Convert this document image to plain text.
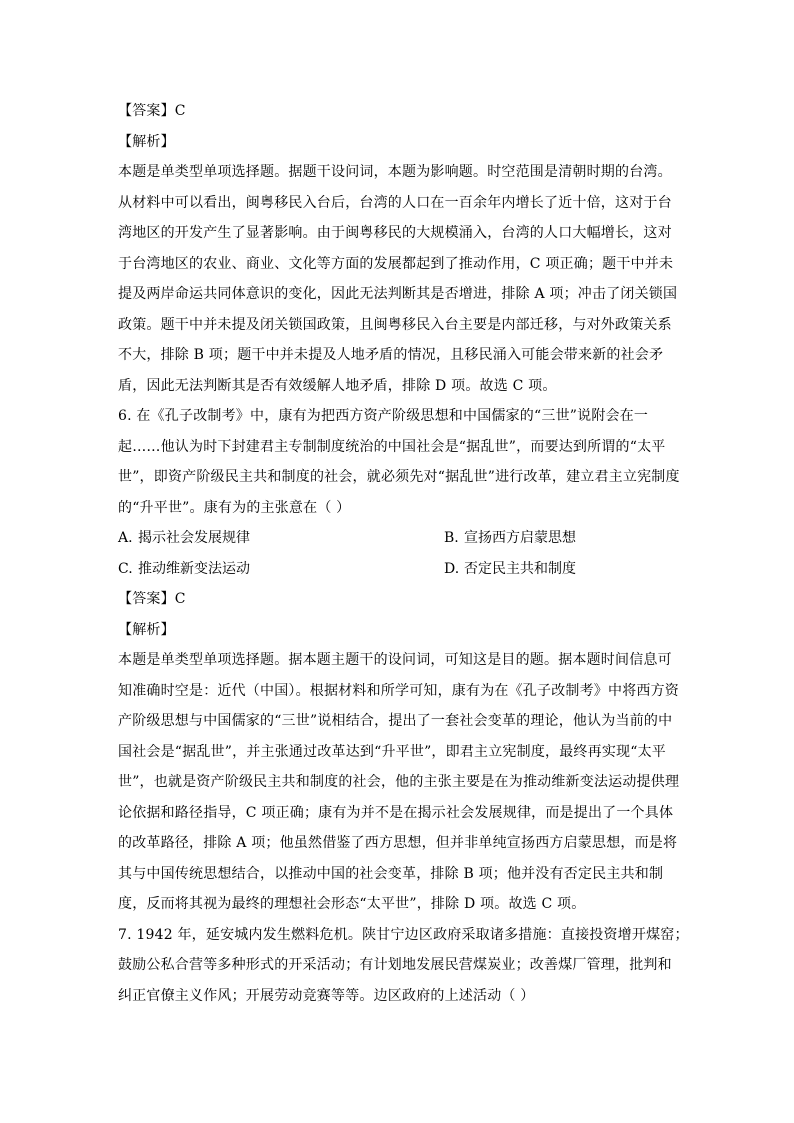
【答案】C
【解析】
本题是单类型单项选择题。据题干设问词，本题为影响题。时空范围是清朝时期的台湾。
从材料中可以看出，闽粤移民入台后，台湾的人口在一百余年内增长了近十倍，这对于台
湾地区的开发产生了显著影响。由于闽粤移民的大规模涌入，台湾的人口大幅增长，这对
于台湾地区的农业、商业、文化等方面的发展都起到了推动作用，C 项正确；题干中并未
提及两岸命运共同体意识的变化，因此无法判断其是否增进，排除 A 项；冲击了闭关锁国
政策。题干中并未提及闭关锁国政策，且闽粤移民入台主要是内部迁移，与对外政策关系
不大，排除 B 项；题干中并未提及人地矛盾的情况，且移民涌入可能会带来新的社会矛
盾，因此无法判断其是否有效缓解人地矛盾，排除 D 项。故选 C 项。
6. 在《孔子改制考》中，康有为把西方资产阶级思想和中国儒家的“三世”说附会在一
起……他认为时下封建君主专制制度统治的中国社会是“据乱世”，而要达到所谓的“太平
世”，即资产阶级民主共和制度的社会，就必须先对“据乱世”进行改革，建立君主立宪制度
的“升平世”。康有为的主张意在（ ）
A. 揭示社会发展规律	B. 宣扬西方启蒙思想
C. 推动维新变法运动	D. 否定民主共和制度
【答案】C
【解析】
本题是单类型单项选择题。据本题主题干的设问词，可知这是目的题。据本题时间信息可
知准确时空是：近代（中国）。根据材料和所学可知，康有为在《孔子改制考》中将西方资
产阶级思想与中国儒家的“三世”说相结合，提出了一套社会变革的理论，他认为当前的中
国社会是“据乱世”，并主张通过改革达到“升平世”，即君主立宪制度，最终再实现“太平
世”，也就是资产阶级民主共和制度的社会，他的主张主要是在为推动维新变法运动提供理
论依据和路径指导，C 项正确；康有为并不是在揭示社会发展规律，而是提出了一个具体
的改革路径，排除 A 项；他虽然借鉴了西方思想，但并非单纯宣扬西方启蒙思想，而是将
其与中国传统思想结合，以推动中国的社会变革，排除 B 项；他并没有否定民主共和制
度，反而将其视为最终的理想社会形态“太平世”，排除 D 项。故选 C 项。
7. 1942 年，延安城内发生燃料危机。陕甘宁边区政府采取诸多措施：直接投资增开煤窑；
鼓励公私合营等多种形式的开采活动；有计划地发展民营煤炭业；改善煤厂管理，批判和
纠正官僚主义作风；开展劳动竞赛等等。边区政府的上述活动（ ）
